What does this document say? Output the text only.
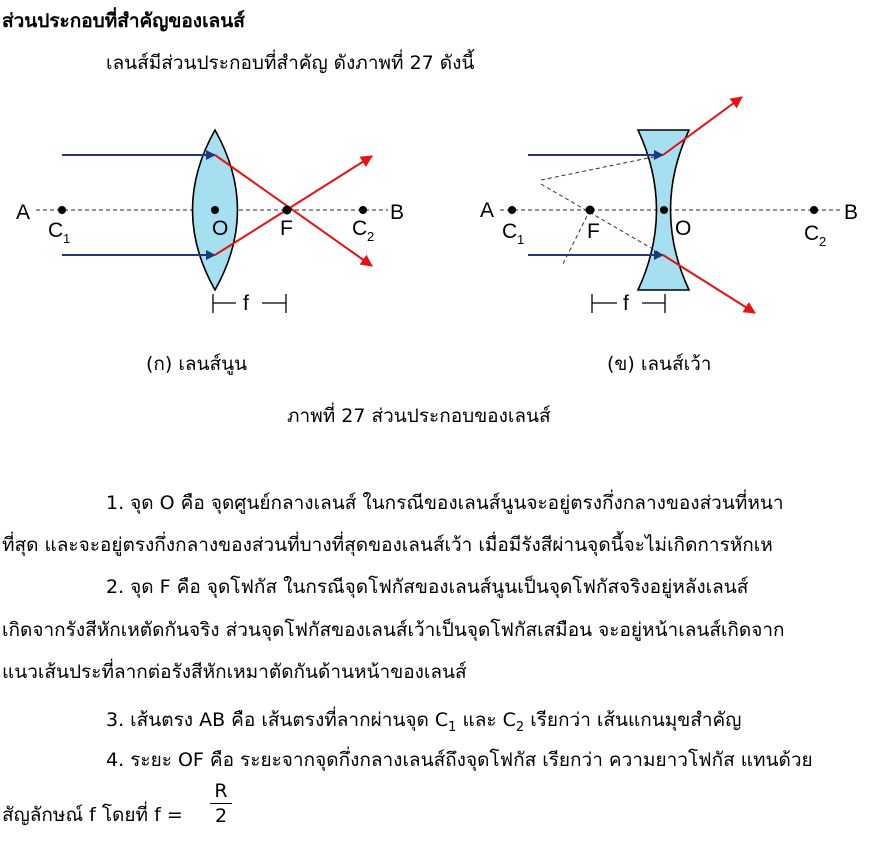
ส่วนประกอบที่สำคัญของเลนส์
เลนส์มีส่วนประกอบที่สำคัญ ดังภาพที่ 27 ดังนี้
A	B
C 1	O F	C 2
f
A	B
C 1	F	O	C 2
f
(ก) เลนส์นูน	(ข) เลนส์เว้า
ภาพที่ 27 ส่วนประกอบของเลนส์
1. จุด O คือ จุดศูนย์กลางเลนส์ ในกรณีของเลนส์นูนจะอยู่ตรงกึ่งกลางของส่วนที่หนา
ที่สุด และจะอยู่ตรงกึ่งกลางของส่วนที่บางที่สุดของเลนส์เว้า เมื่อมีรังสีผ่านจุดนี้จะไม่เกิดการหักเห
2. จุด F คือ จุดโฟกัส ในกรณีจุดโฟกัสของเลนส์นูนเป็นจุดโฟกัสจริงอยู่หลังเลนส์
เกิดจากรังสีหักเหตัดกันจริง ส่วนจุดโฟกัสของเลนส์เว้าเป็นจุดโฟกัสเสมือน จะอยู่หน้าเลนส์เกิดจาก
แนวเส้นประที่ลากต่อรังสีหักเหมาตัดกันด้านหน้าของเลนส์
3. เส้นตรง AB คือ เส้นตรงที่ลากผ่านจุด $C_1$ และ $C_2$ เรียกว่า เส้นแกนมุขสำคัญ
4. ระยะ OF คือ ระยะจากจุดกึ่งกลางเลนส์ถึงจุดโฟกัส เรียกว่า ความยาวโฟกัส แทนด้วย
สัญลักษณ์ f โดยที่ f =
R
2
